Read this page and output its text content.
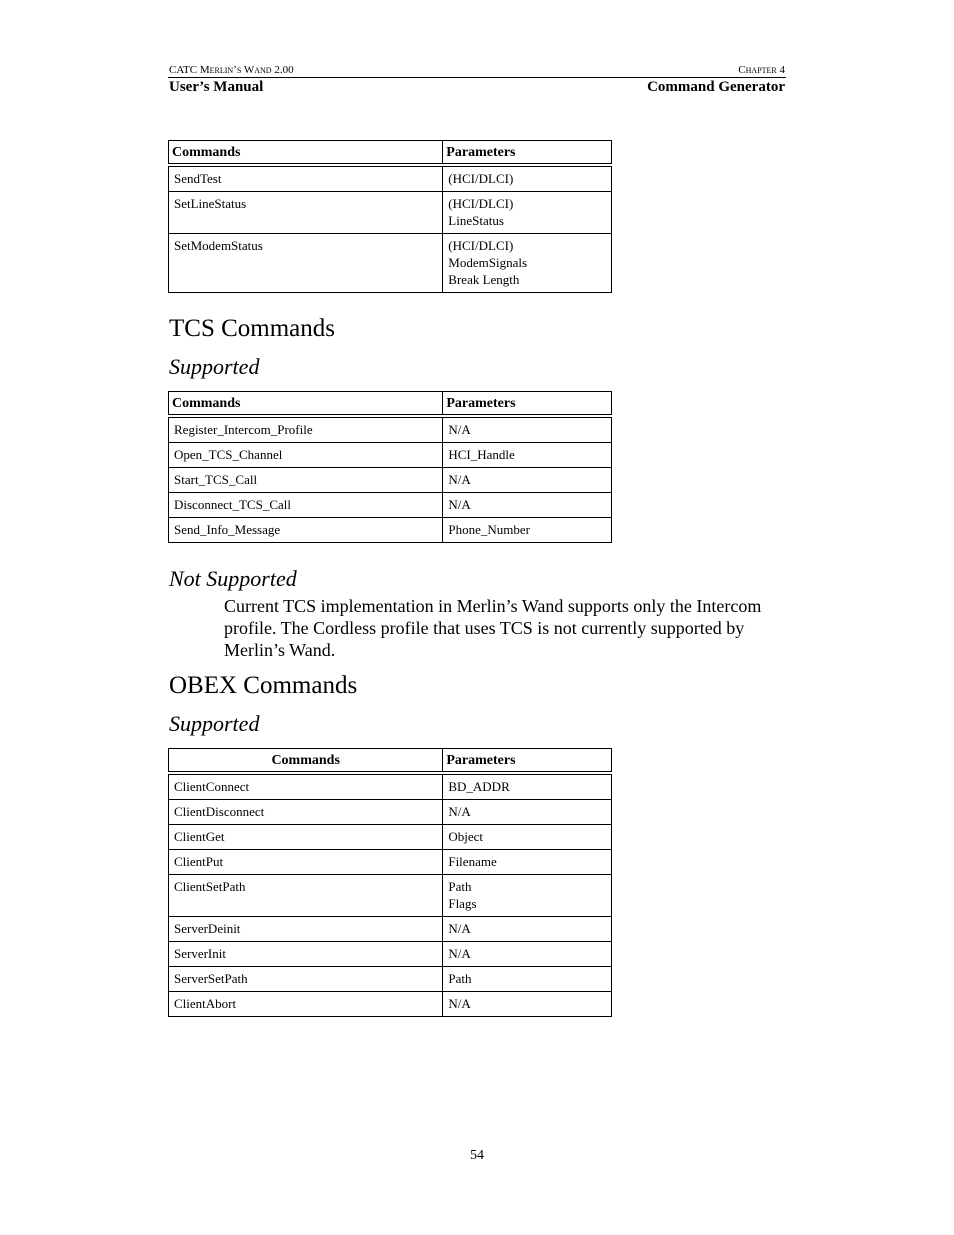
CATC Merlin’s Wand 2.00	Chapter 4
User’s Manual	Command Generator
Commands	Parameters
SendTest	(HCI/DLCI)

SetLineStatus	(HCI/DLCI)
LineStatus

SetModemStatus	(HCI/DLCI)
ModemSignals
Break Length
TCS Commands
Supported
Commands	Parameters
Register_Intercom_Profile	N/A

Open_TCS_Channel	HCI_Handle

Start_TCS_Call	N/A

Disconnect_TCS_Call	N/A

Send_Info_Message	Phone_Number
Not Supported

Current TCS implementation in Merlin’s Wand supports only the Intercom profile. The Cordless profile that uses TCS is not currently supported by Merlin’s Wand.

OBEX Commands
Supported
Commands	Parameters
ClientConnect	BD_ADDR

ClientDisconnect	N/A

ClientGet	Object

ClientPut	Filename

ClientSetPath	Path
Flags

ServerDeinit	N/A

ServerInit	N/A

ServerSetPath	Path

ClientAbort	N/A
54
